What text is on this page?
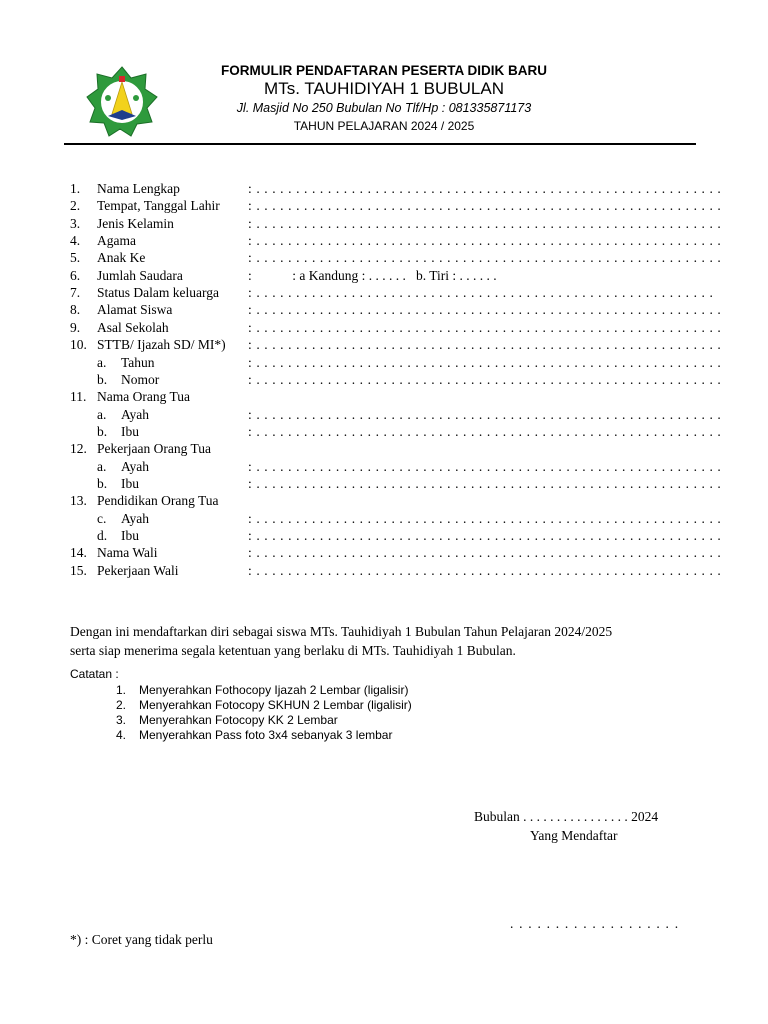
FORMULIR PENDAFTARAN PESERTA DIDIK BARU
MTs. TAUHIDIYAH 1 BUBULAN
Jl. Masjid No 250 Bubulan No Tlf/Hp : 081335871173
TAHUN PELAJARAN 2024 / 2025
1. Nama Lengkap	: . . . . . . . . . . . . . . . . . . . . . . . . . . . . . . . . . . . . . . . . . . . . . . . . . . . . . . . . . . .
2. Tempat, Tanggal Lahir : . . . . . . . . . . . . . . . . . . . . . . . . . . . . . . . . . . . . . . . . . . . . . . . . . . . . . . . . . . .
3. Jenis Kelamin	: . . . . . . . . . . . . . . . . . . . . . . . . . . . . . . . . . . . . . . . . . . . . . . . . . . . . . . . . . . .
4. Agama	: . . . . . . . . . . . . . . . . . . . . . . . . . . . . . . . . . . . . . . . . . . . . . . . . . . . . . . . . . . .
5. Anak Ke	: . . . . . . . . . . . . . . . . . . . . . . . . . . . . . . . . . . . . . . . . . . . . . . . . . . . . . . . . . . .
6. Jumlah Saudara	:            : a Kandung : . . . . . .   b. Tiri : . . . . . .
7. Status Dalam keluarga : . . . . . . . . . . . . . . . . . . . . . . . . . . . . . . . . . . . . . . . . . . . . . . . . . . . . . . . . . .
8. Alamat Siswa	: . . . . . . . . . . . . . . . . . . . . . . . . . . . . . . . . . . . . . . . . . . . . . . . . . . . . . . . . . . .
9. Asal Sekolah	: . . . . . . . . . . . . . . . . . . . . . . . . . . . . . . . . . . . . . . . . . . . . . . . . . . . . . . . . . . .
10. STTB/ Ijazah SD/ MI*) : . . . . . . . . . . . . . . . . . . . . . . . . . . . . . . . . . . . . . . . . . . . . . . . . . . . . . . . . . . .
a. Tahun	: . . . . . . . . . . . . . . . . . . . . . . . . . . . . . . . . . . . . . . . . . . . . . . . . . . . . . . . . . . .
b. Nomor	: . . . . . . . . . . . . . . . . . . . . . . . . . . . . . . . . . . . . . . . . . . . . . . . . . . . . . . . . . . .
11. Nama Orang Tua
a. Ayah	: . . . . . . . . . . . . . . . . . . . . . . . . . . . . . . . . . . . . . . . . . . . . . . . . . . . . . . . . . . .
b. Ibu	: . . . . . . . . . . . . . . . . . . . . . . . . . . . . . . . . . . . . . . . . . . . . . . . . . . . . . . . . . . .
12. Pekerjaan Orang Tua
a. Ayah	: . . . . . . . . . . . . . . . . . . . . . . . . . . . . . . . . . . . . . . . . . . . . . . . . . . . . . . . . . . .
b. Ibu	: . . . . . . . . . . . . . . . . . . . . . . . . . . . . . . . . . . . . . . . . . . . . . . . . . . . . . . . . . . .
13. Pendidikan Orang Tua
c. Ayah	: . . . . . . . . . . . . . . . . . . . . . . . . . . . . . . . . . . . . . . . . . . . . . . . . . . . . . . . . . . .
d. Ibu	: . . . . . . . . . . . . . . . . . . . . . . . . . . . . . . . . . . . . . . . . . . . . . . . . . . . . . . . . . . .
14. Nama Wali	: . . . . . . . . . . . . . . . . . . . . . . . . . . . . . . . . . . . . . . . . . . . . . . . . . . . . . . . . . . .
15. Pekerjaan Wali	: . . . . . . . . . . . . . . . . . . . . . . . . . . . . . . . . . . . . . . . . . . . . . . . . . . . . . . . . . . .
Dengan ini mendaftarkan diri sebagai siswa MTs. Tauhidiyah 1 Bubulan Tahun Pelajaran 2024/2025
serta siap menerima segala ketentuan yang berlaku di MTs. Tauhidiyah 1 Bubulan.
Catatan :
1. Menyerahkan Fothocopy Ijazah 2 Lembar (ligalisir)
2. Menyerahkan Fotocopy SKHUN 2 Lembar (ligalisir)
3. Menyerahkan Fotocopy KK 2 Lembar
4. Menyerahkan Pass foto 3x4 sebanyak 3 lembar
Bubulan . . . . . . . . . . . . . . . . 2024
Yang Mendaftar
. . . . . . . . . . . . . . . . . . .
*) : Coret yang tidak perlu
